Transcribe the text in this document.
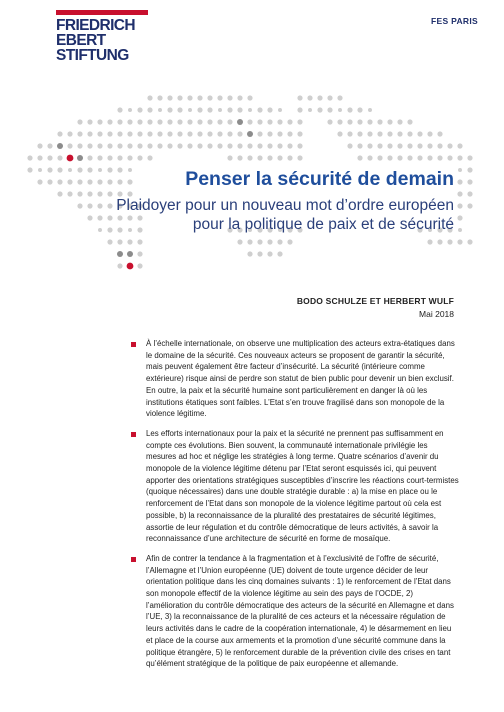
FRIEDRICH
EBERT
STIFTUNG
FES PARIS
Penser la sécurité de demain
Plaidoyer pour un nouveau mot d’ordre européen
pour la politique de paix et de sécurité
BODO SCHULZE ET HERBERT WULF
Mai 2018

À l’échelle internationale, on observe une multiplication des acteurs extra-étatiques dans le domaine de la sécurité. Ces nouveaux acteurs se proposent de garantir la sécurité, mais peuvent également être facteur d’insécurité. La sécurité (intérieure comme extérieure) risque ainsi de perdre son statut de bien public pour devenir un bien exclusif. En outre, la paix et la sécurité humaine sont particulièrement en danger là où les institutions étatiques sont faibles. L’Etat s’en trouve fragilisé dans son monopole de la violence légitime.

Les efforts internationaux pour la paix et la sécurité ne prennent pas suffisamment en compte ces évolutions. Bien souvent, la communauté internationale privilégie les mesures ad hoc et néglige les stratégies à long terme. Quatre scénarios d’avenir du monopole de la violence légitime détenu par l’Etat seront esquissés ici, qui peuvent apporter des orientations stratégiques susceptibles d’inscrire les réactions court-termistes (quoique nécessaires) dans une double stratégie durable : a) la mise en place ou le renforcement de l’Etat dans son monopole de la violence légitime partout où cela est possible, b) la reconnaissance de la pluralité des prestataires de sécurité légitimes, assortie de leur régulation et du contrôle démocratique de leurs activités, à savoir la reconnaissance d’une architecture de sécurité en forme de mosaïque.

Afin de contrer la tendance à la fragmentation et à l’exclusivité de l’offre de sécurité, l’Allemagne et l’Union européenne (UE) doivent de toute urgence décider de leur orientation politique dans les cinq domaines suivants : 1) le renforcement de l’Etat dans son monopole effectif de la violence légitime au sein des pays de l’OCDE, 2) l’amélioration du contrôle démocratique des acteurs de la sécurité en Allemagne et dans l’UE, 3) la reconnaissance de la pluralité de ces acteurs et la nécessaire régulation de leurs activités dans le cadre de la coopération internationale, 4) le désarmement en lieu et place de la course aux armements et la promotion d’une sécurité commune dans la politique étrangère, 5) le renforcement durable de la prévention civile des crises en tant qu’élément stratégique de la politique de paix européenne et allemande.
